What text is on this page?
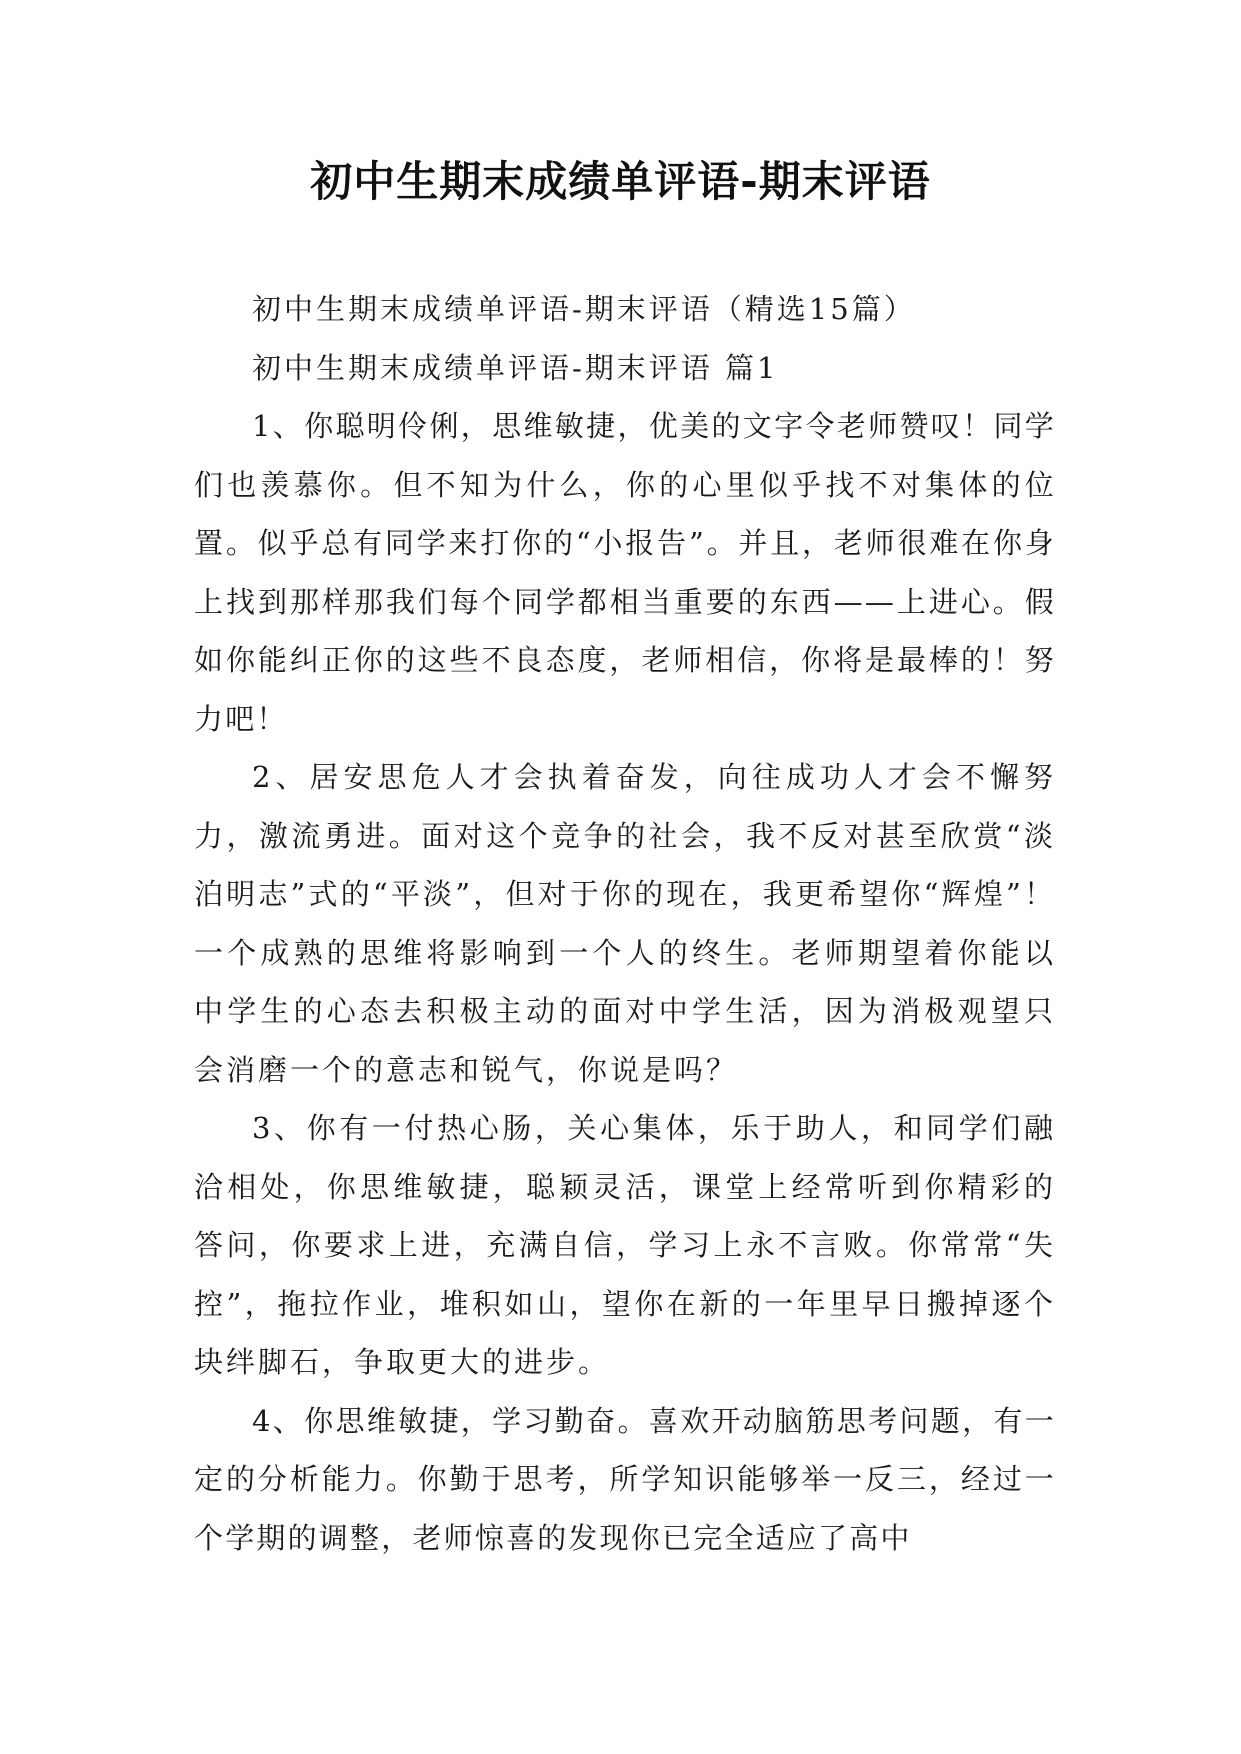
初中生期末成绩单评语-期末评语

初中生期末成绩单评语-期末评语（精选15篇）

初中生期末成绩单评语-期末评语 篇1

1、你聪明伶俐，思维敏捷，优美的文字令老师赞叹！同学们也羡慕你。但不知为什么，你的心里似乎找不对集体的位置。似乎总有同学来打你的“小报告”。并且，老师很难在你身上找到那样那我们每个同学都相当重要的东西——上进心。假如你能纠正你的这些不良态度，老师相信，你将是最棒的！努力吧！

2、居安思危人才会执着奋发，向往成功人才会不懈努力，激流勇进。面对这个竞争的社会，我不反对甚至欣赏“淡泊明志”式的“平淡”，但对于你的现在，我更希望你“辉煌”！一个成熟的思维将影响到一个人的终生。老师期望着你能以中学生的心态去积极主动的面对中学生活，因为消极观望只会消磨一个的意志和锐气，你说是吗？

3、你有一付热心肠，关心集体，乐于助人，和同学们融洽相处，你思维敏捷，聪颖灵活，课堂上经常听到你精彩的答问，你要求上进，充满自信，学习上永不言败。你常常“失控”，拖拉作业，堆积如山，望你在新的一年里早日搬掉逐个块绊脚石，争取更大的进步。

4、你思维敏捷，学习勤奋。喜欢开动脑筋思考问题，有一定的分析能力。你勤于思考，所学知识能够举一反三，经过一个学期的调整，老师惊喜的发现你已完全适应了高中
